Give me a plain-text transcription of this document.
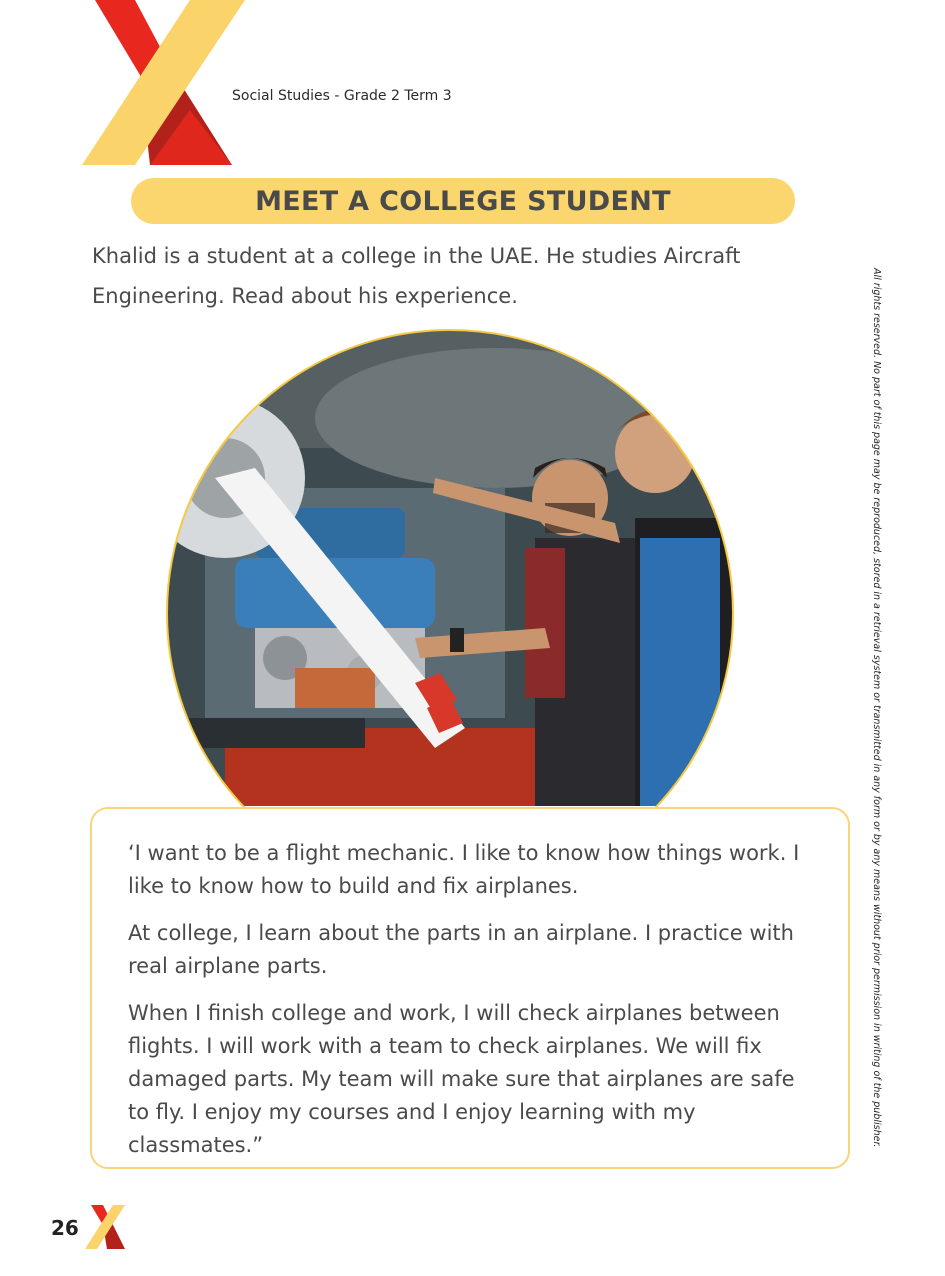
Social Studies - Grade 2 Term 3
MEET A COLLEGE STUDENT
Khalid is a student at a college in the UAE. He studies Aircraft Engineering. Read about his experience.	All rights reserved. No part of this page may be reproduced, stored in a retrieval system or transmitted in any form or by any means without prior permission in writing of the publisher.

‘I want to be a flight mechanic. I like to know how things work. I like to know how to build and fix airplanes.

At college, I learn about the parts in an airplane. I practice with real airplane parts.

When I finish college and work, I will check airplanes between flights. I will work with a team to check airplanes. We will fix damaged parts. My team will make sure that airplanes are safe to fly. I enjoy my courses and I enjoy learning with my classmates.”

26
